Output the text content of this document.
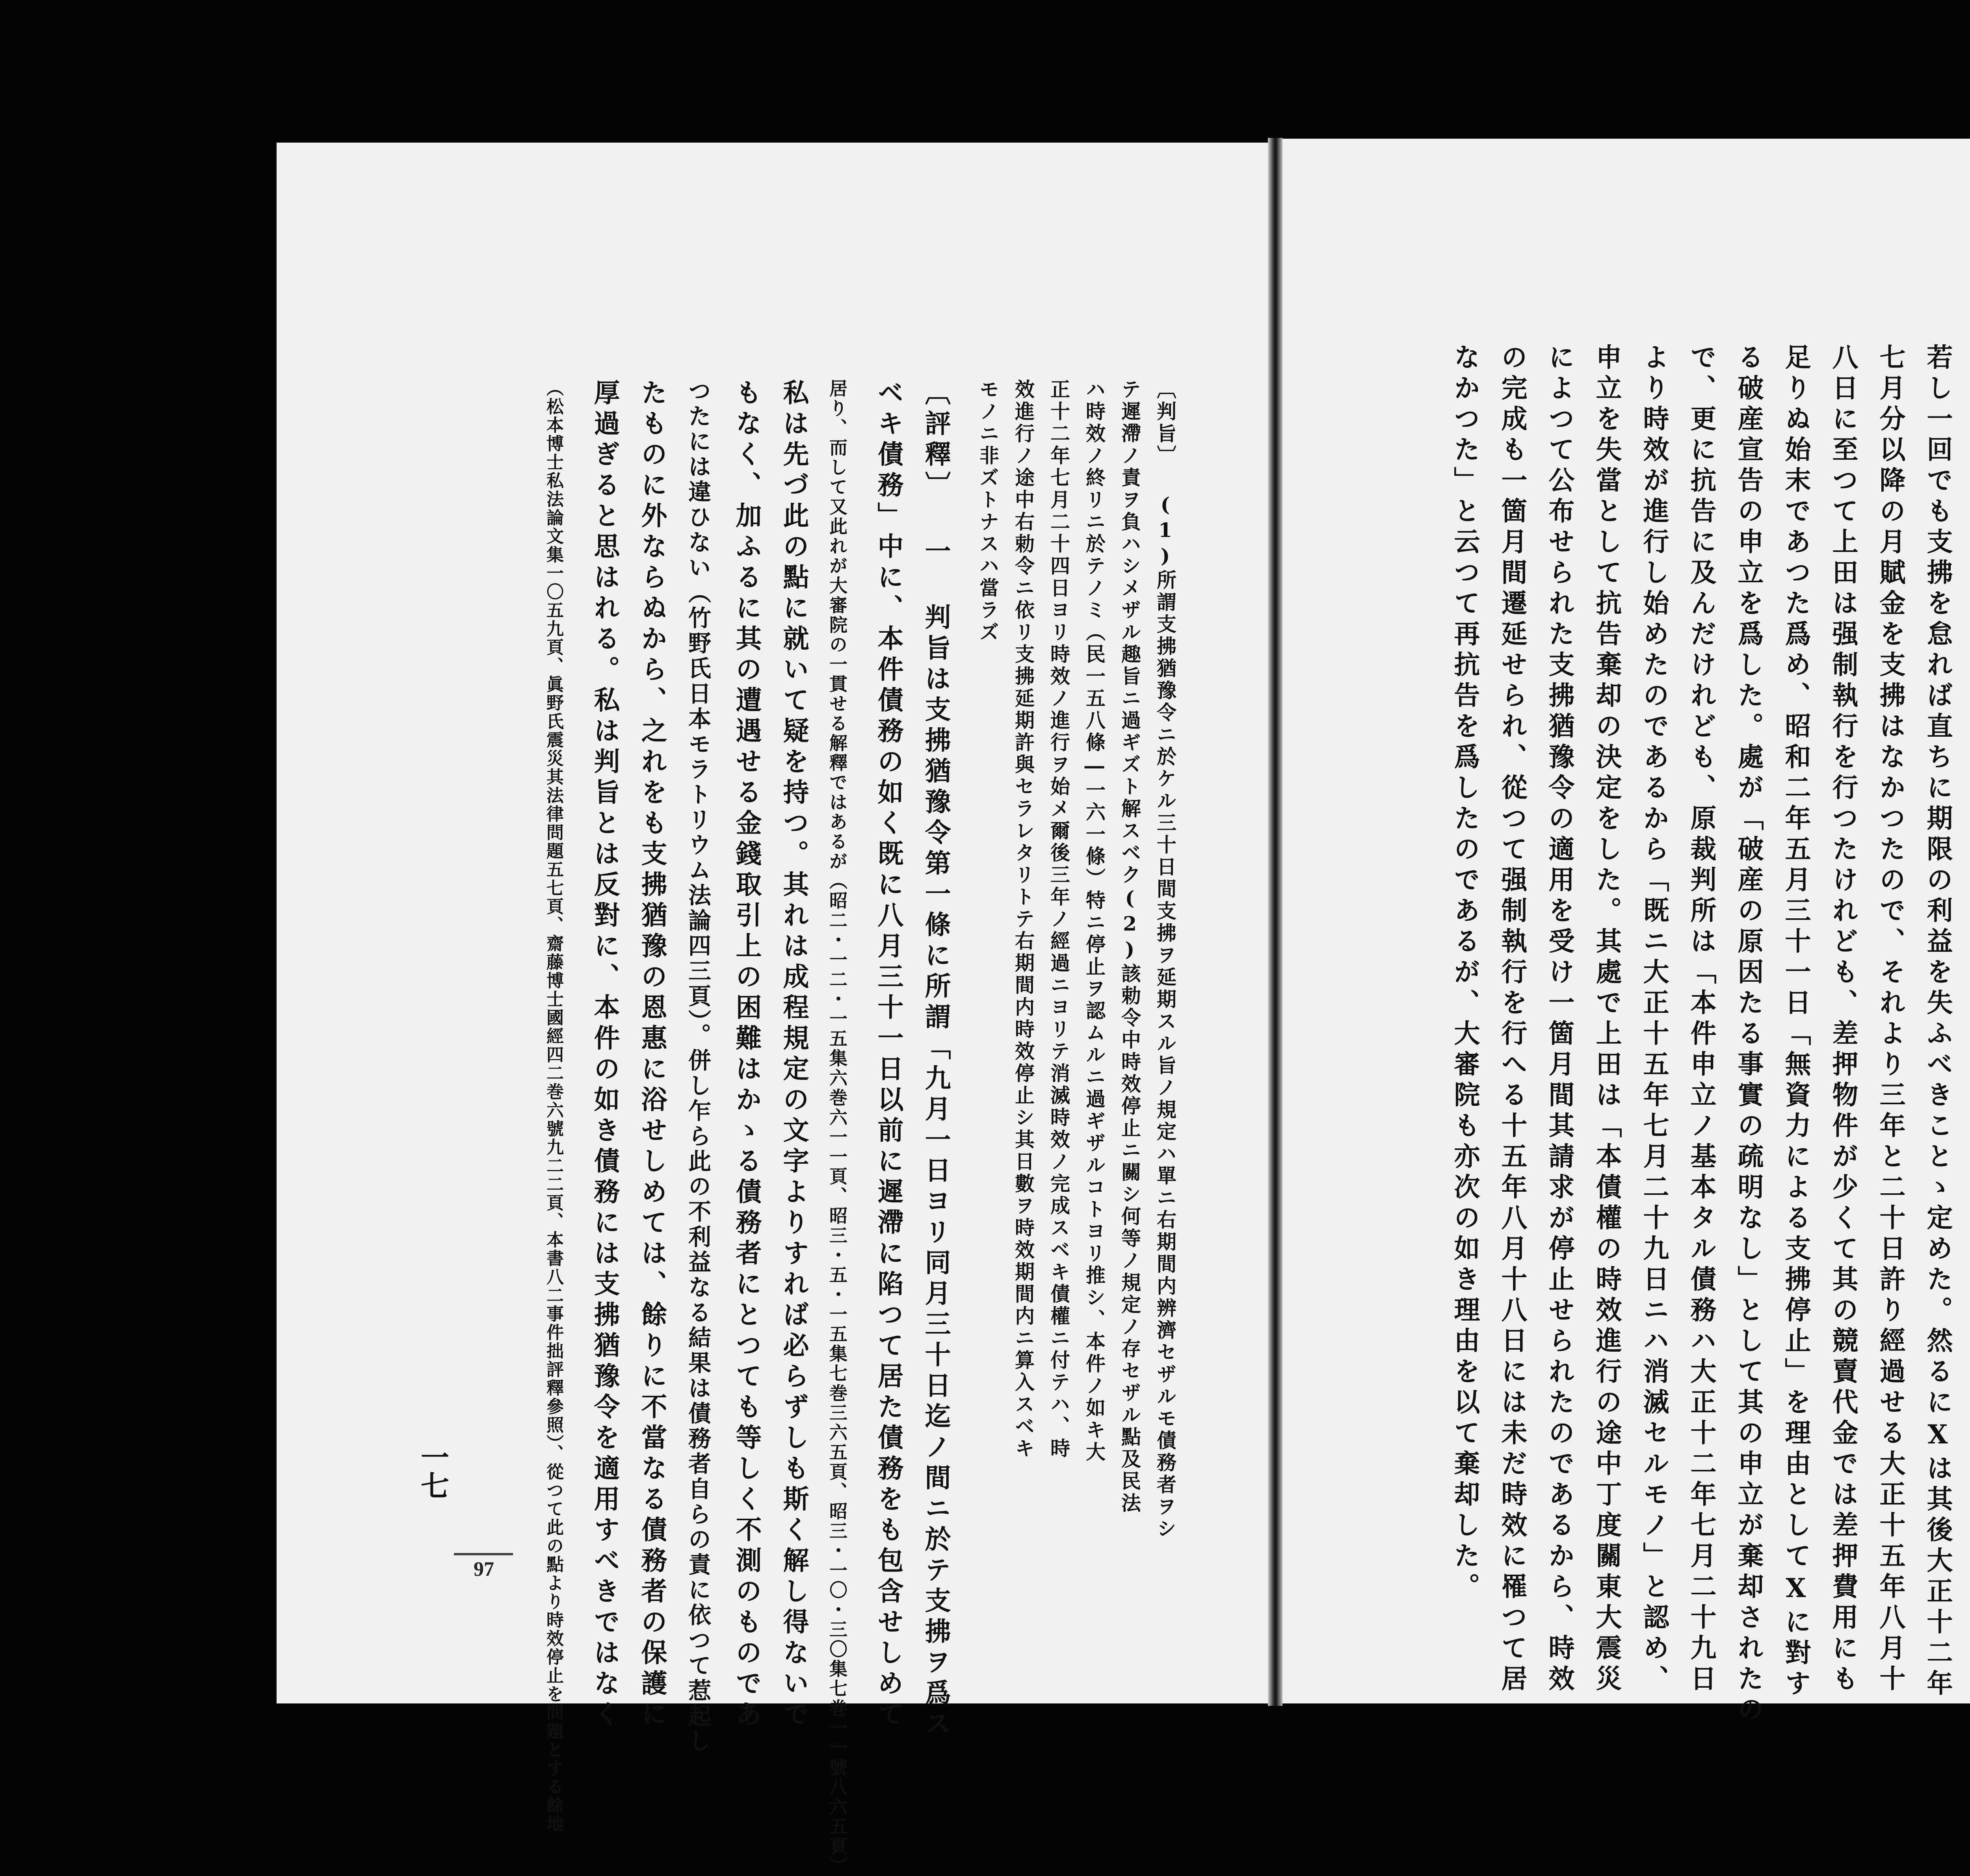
若し一回でも支拂を怠れば直ちに期限の利益を失ふべきことゝ定めた。然るにXは其後大正十二年
七月分以降の月賦金を支拂はなかつたので、それより三年と二十日許り經過せる大正十五年八月十
八日に至つて上田は强制執行を行つたけれども、差押物件が少くて其の競賣代金では差押費用にも
足りぬ始末であつた爲め、昭和二年五月三十一日「無資力による支拂停止」を理由としてXに對す
る破産宣告の申立を爲した。處が「破産の原因たる事實の疏明なし」として其の申立が棄却されたの
で、更に抗告に及んだけれども、原裁判所は「本件申立ノ基本タル債務ハ大正十二年七月二十九日
より時效が進行し始めたのであるから「既ニ大正十五年七月二十九日ニハ消滅セルモノ」と認め、
申立を失當として抗告棄却の決定をした。其處で上田は「本債權の時效進行の途中丁度關東大震災
によつて公布せられた支拂猶豫令の適用を受け一箇月間其請求が停止せられたのであるから、時效
の完成も一箇月間遷延せられ、從つて强制執行を行へる十五年八月十八日には未だ時效に罹つて居
なかつた」と云つて再抗告を爲したのであるが、大審院も亦次の如き理由を以て棄却した。
〔判旨〕 (1)所謂支拂猶豫令ニ於ケル三十日間支拂ヲ延期スル旨ノ規定ハ單ニ右期間内辨濟セザルモ債務者ヲシ
テ遲滯ノ責ヲ負ハシメザル趣旨ニ過ギズト解スベク(2)該勅令中時效停止ニ關シ何等ノ規定ノ存セザル點及民法
ハ時效ノ終リニ於テノミ（民一五八條―一六一條）特ニ停止ヲ認ムルニ過ギザルコトヨリ推シ、本件ノ如キ大
正十二年七月二十四日ヨリ時效ノ進行ヲ始メ爾後三年ノ經過ニヨリテ消滅時效ノ完成スベキ債權ニ付テハ、時
效進行ノ途中右勅令ニ依リ支拂延期許與セラレタリトテ右期間内時效停止シ其日數ヲ時效期間内ニ算入スベキ
モノニ非ズトナスハ當ラズ
〔評釋〕 一 判旨は支拂猶豫令第一條に所謂「九月一日ヨリ同月三十日迄ノ間ニ於テ支拂ヲ爲ス
ベキ債務」中に、本件債務の如く既に八月三十一日以前に遲滯に陷つて居た債務をも包含せしめて
居り、而して又此れが大審院の一貫せる解釋ではあるが（昭二・一二・一五集六巻六一一頁、昭三・五・一五集七巻三六五頁、昭三・一〇・三〇集七巻一一號八六五頁）
私は先づ此の點に就いて疑を持つ。其れは成程規定の文字よりすれば必らずしも斯く解し得ないで
もなく、加ふるに其の遭遇せる金錢取引上の困難はかゝる債務者にとつても等しく不測のものであ
つたには違ひない（竹野氏日本モラトリウム法論四三頁）。併し乍ら此の不利益なる結果は債務者自らの責に依つて惹起し
たものに外ならぬから、之れをも支拂猶豫の恩惠に浴せしめては、餘りに不當なる債務者の保護に
厚過ぎると思はれる。私は判旨とは反對に、本件の如き債務には支拂猶豫令を適用すべきではなく
（松本博士私法論文集一〇五九頁、眞野氏震災其法律問題五七頁、齋藤博士國經四二巻六號九二二頁、本書八二事件拙評釋參照）、從つて此の點より時效停止を問題とする餘地
一七
97
